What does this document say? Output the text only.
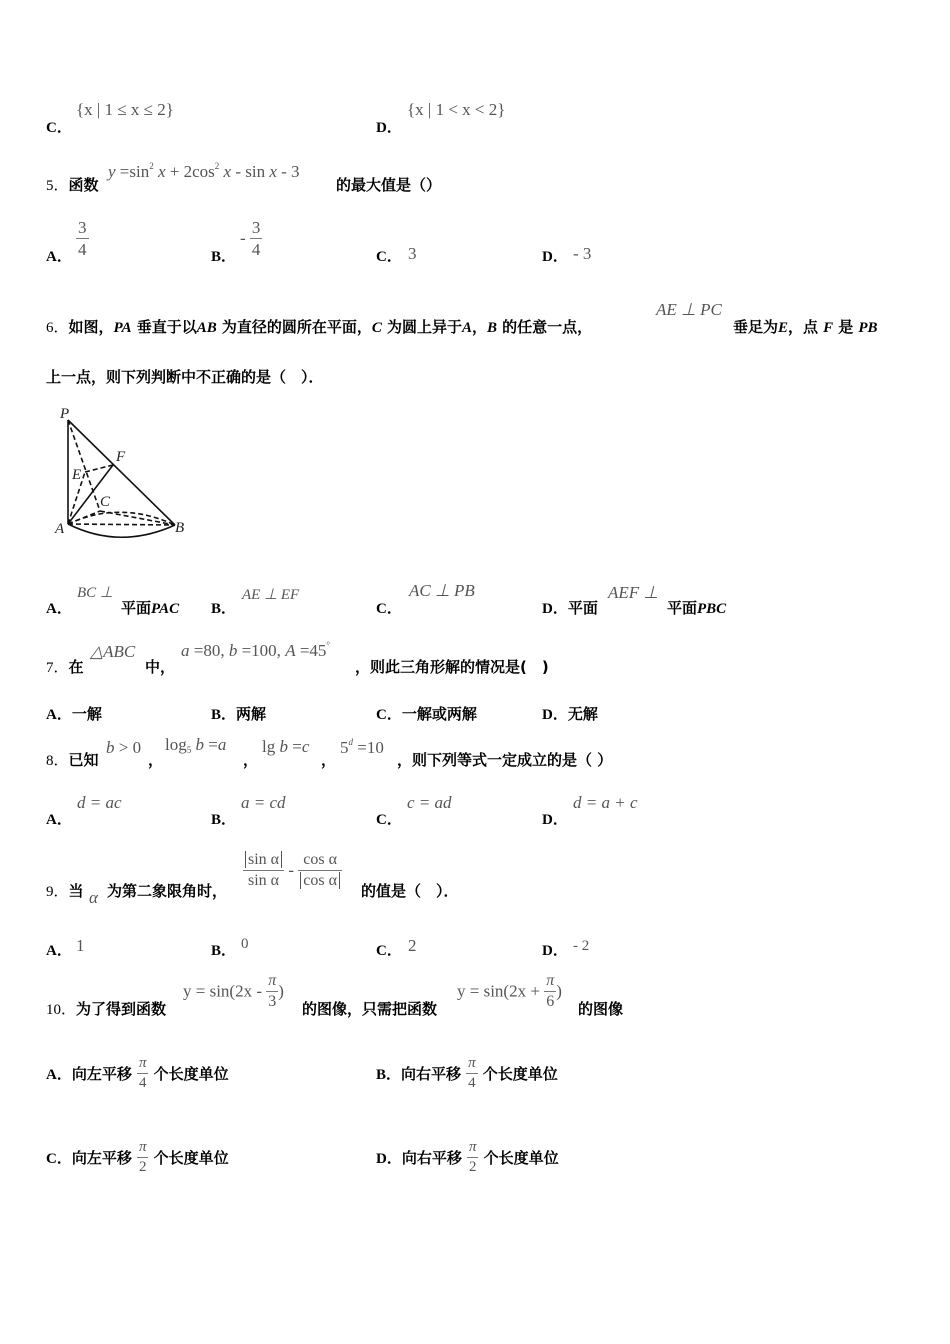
C．
{x | 1 ≤ x ≤ 2}
D．
{x | 1 < x < 2}
5．函数
$y =\sin^2$ $x + 2\cos^2$ x - sin x - 3
的最大值是（）
A． $\frac{3}{4}$	B．
- $\frac{3}{4}$	C． 3	D． - 3
6．如图，PA 垂直于以AB 为直径的圆所在平面，C 为圆上异于A，B 的任意一点，
AE ⊥ PC
垂足为E，点 F 是 PB
上一点，则下列判断中不正确的是（　）．
P
A	B
C
E
F
A．
BC ⊥
平面PAC B．
AE ⊥ EF
C．
AC ⊥ PB
D．平面
AEF ⊥
平面PBC
7．在
△ABC
中，
a =80, b =100, A =45°
，则此三角形解的情况是(　)
A．一解	B．两解	C．一解或两解	D．无解
8．已知
b > 0
，
$\log_5 b =a$
，
lg b =c
，
$5^d =10$
，则下列等式一定成立的是（ ）
A．
d = ac
B．
a = cd
C．
c = ad
D．
d = a + c
9．当 α 为第二象限角时，
$\frac{\text{sin α}}{\text{sin α}} - \frac{\text{cos α}}{\text{cos α}}$
的值是（　）．
A． 1	B． 0	C． 2	D． - 2
10．为了得到函数
$y = \sin(2x - \frac{\pi}{3}$ )
的图像，只需把函数
$y = \sin(2x + \frac{\pi}{6}$ )
的图像
A．向左平移 $\frac{\pi}{4}$ 个长度单位	B．向右平移 $\frac{\pi}{4}$ 个长度单位
C．向左平移 $\frac{\pi}{2}$ 个长度单位	D．向右平移 $\frac{\pi}{2}$ 个长度单位
